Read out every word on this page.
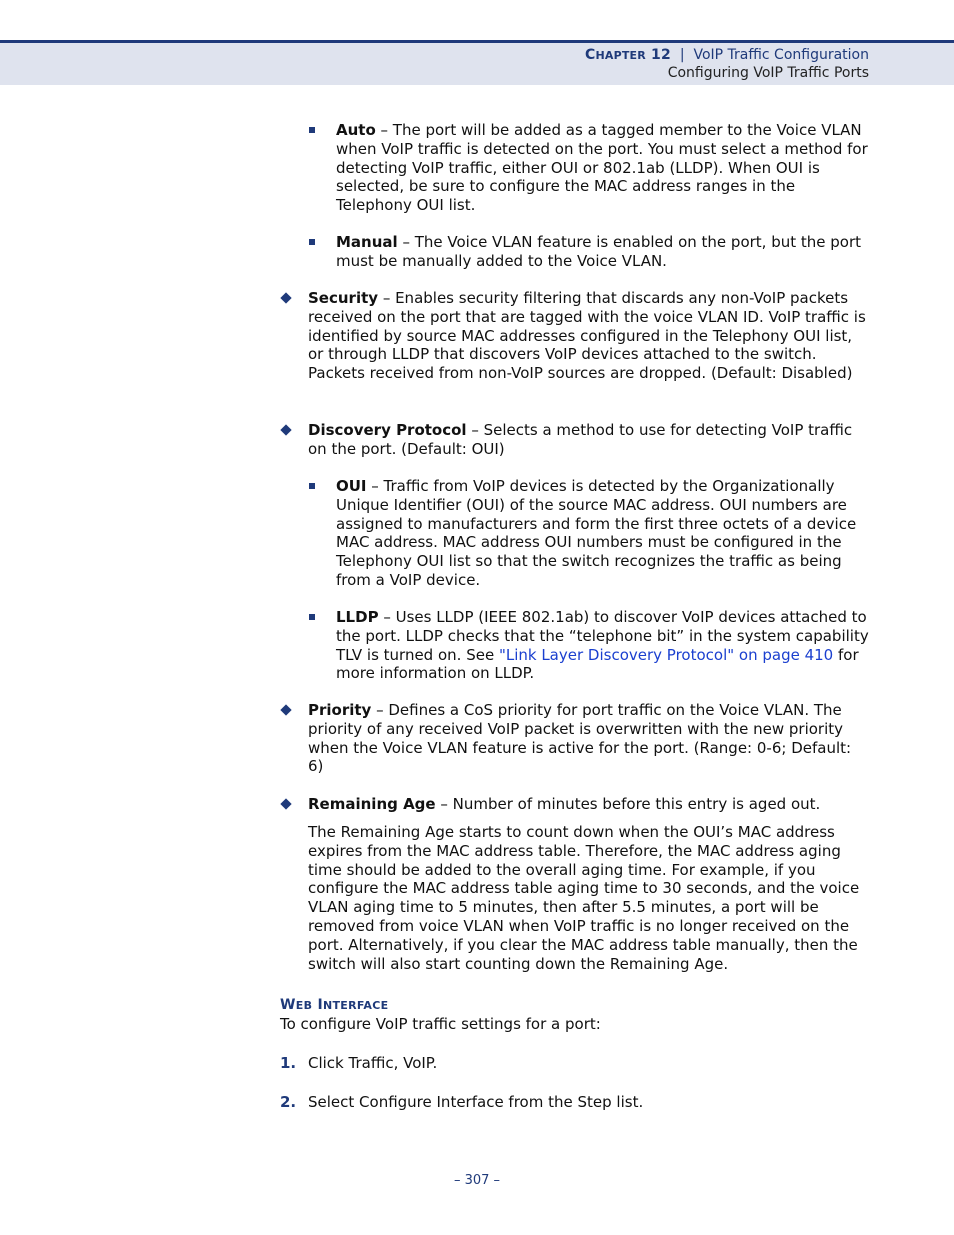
CHAPTER 12 | VoIP Traffic Configuration
Configuring VoIP Traffic Ports

Auto – The port will be added as a tagged member to the Voice VLAN when VoIP traffic is detected on the port. You must select a method for detecting VoIP traffic, either OUI or 802.1ab (LLDP). When OUI is selected, be sure to configure the MAC address ranges in the Telephony OUI list.

Manual – The Voice VLAN feature is enabled on the port, but the port must be manually added to the Voice VLAN.

Security – Enables security filtering that discards any non-VoIP packets received on the port that are tagged with the voice VLAN ID. VoIP traffic is identified by source MAC addresses configured in the Telephony OUI list, or through LLDP that discovers VoIP devices attached to the switch. Packets received from non-VoIP sources are dropped. (Default: Disabled)

Discovery Protocol – Selects a method to use for detecting VoIP traffic on the port. (Default: OUI)

OUI – Traffic from VoIP devices is detected by the Organizationally Unique Identifier (OUI) of the source MAC address. OUI numbers are assigned to manufacturers and form the first three octets of a device MAC address. MAC address OUI numbers must be configured in the Telephony OUI list so that the switch recognizes the traffic as being from a VoIP device.

LLDP – Uses LLDP (IEEE 802.1ab) to discover VoIP devices attached to the port. LLDP checks that the “telephone bit” in the system capability TLV is turned on. See "Link Layer Discovery Protocol" on page 410 for more information on LLDP.

Priority – Defines a CoS priority for port traffic on the Voice VLAN. The priority of any received VoIP packet is overwritten with the new priority when the Voice VLAN feature is active for the port. (Range: 0-6; Default: 6)

Remaining Age – Number of minutes before this entry is aged out.

The Remaining Age starts to count down when the OUI’s MAC address expires from the MAC address table. Therefore, the MAC address aging time should be added to the overall aging time. For example, if you configure the MAC address table aging time to 30 seconds, and the voice VLAN aging time to 5 minutes, then after 5.5 minutes, a port will be removed from voice VLAN when VoIP traffic is no longer received on the port. Alternatively, if you clear the MAC address table manually, then the switch will also start counting down the Remaining Age.

WEB INTERFACE

To configure VoIP traffic settings for a port:

1. Click Traffic, VoIP.

2. Select Configure Interface from the Step list.

– 307 –
